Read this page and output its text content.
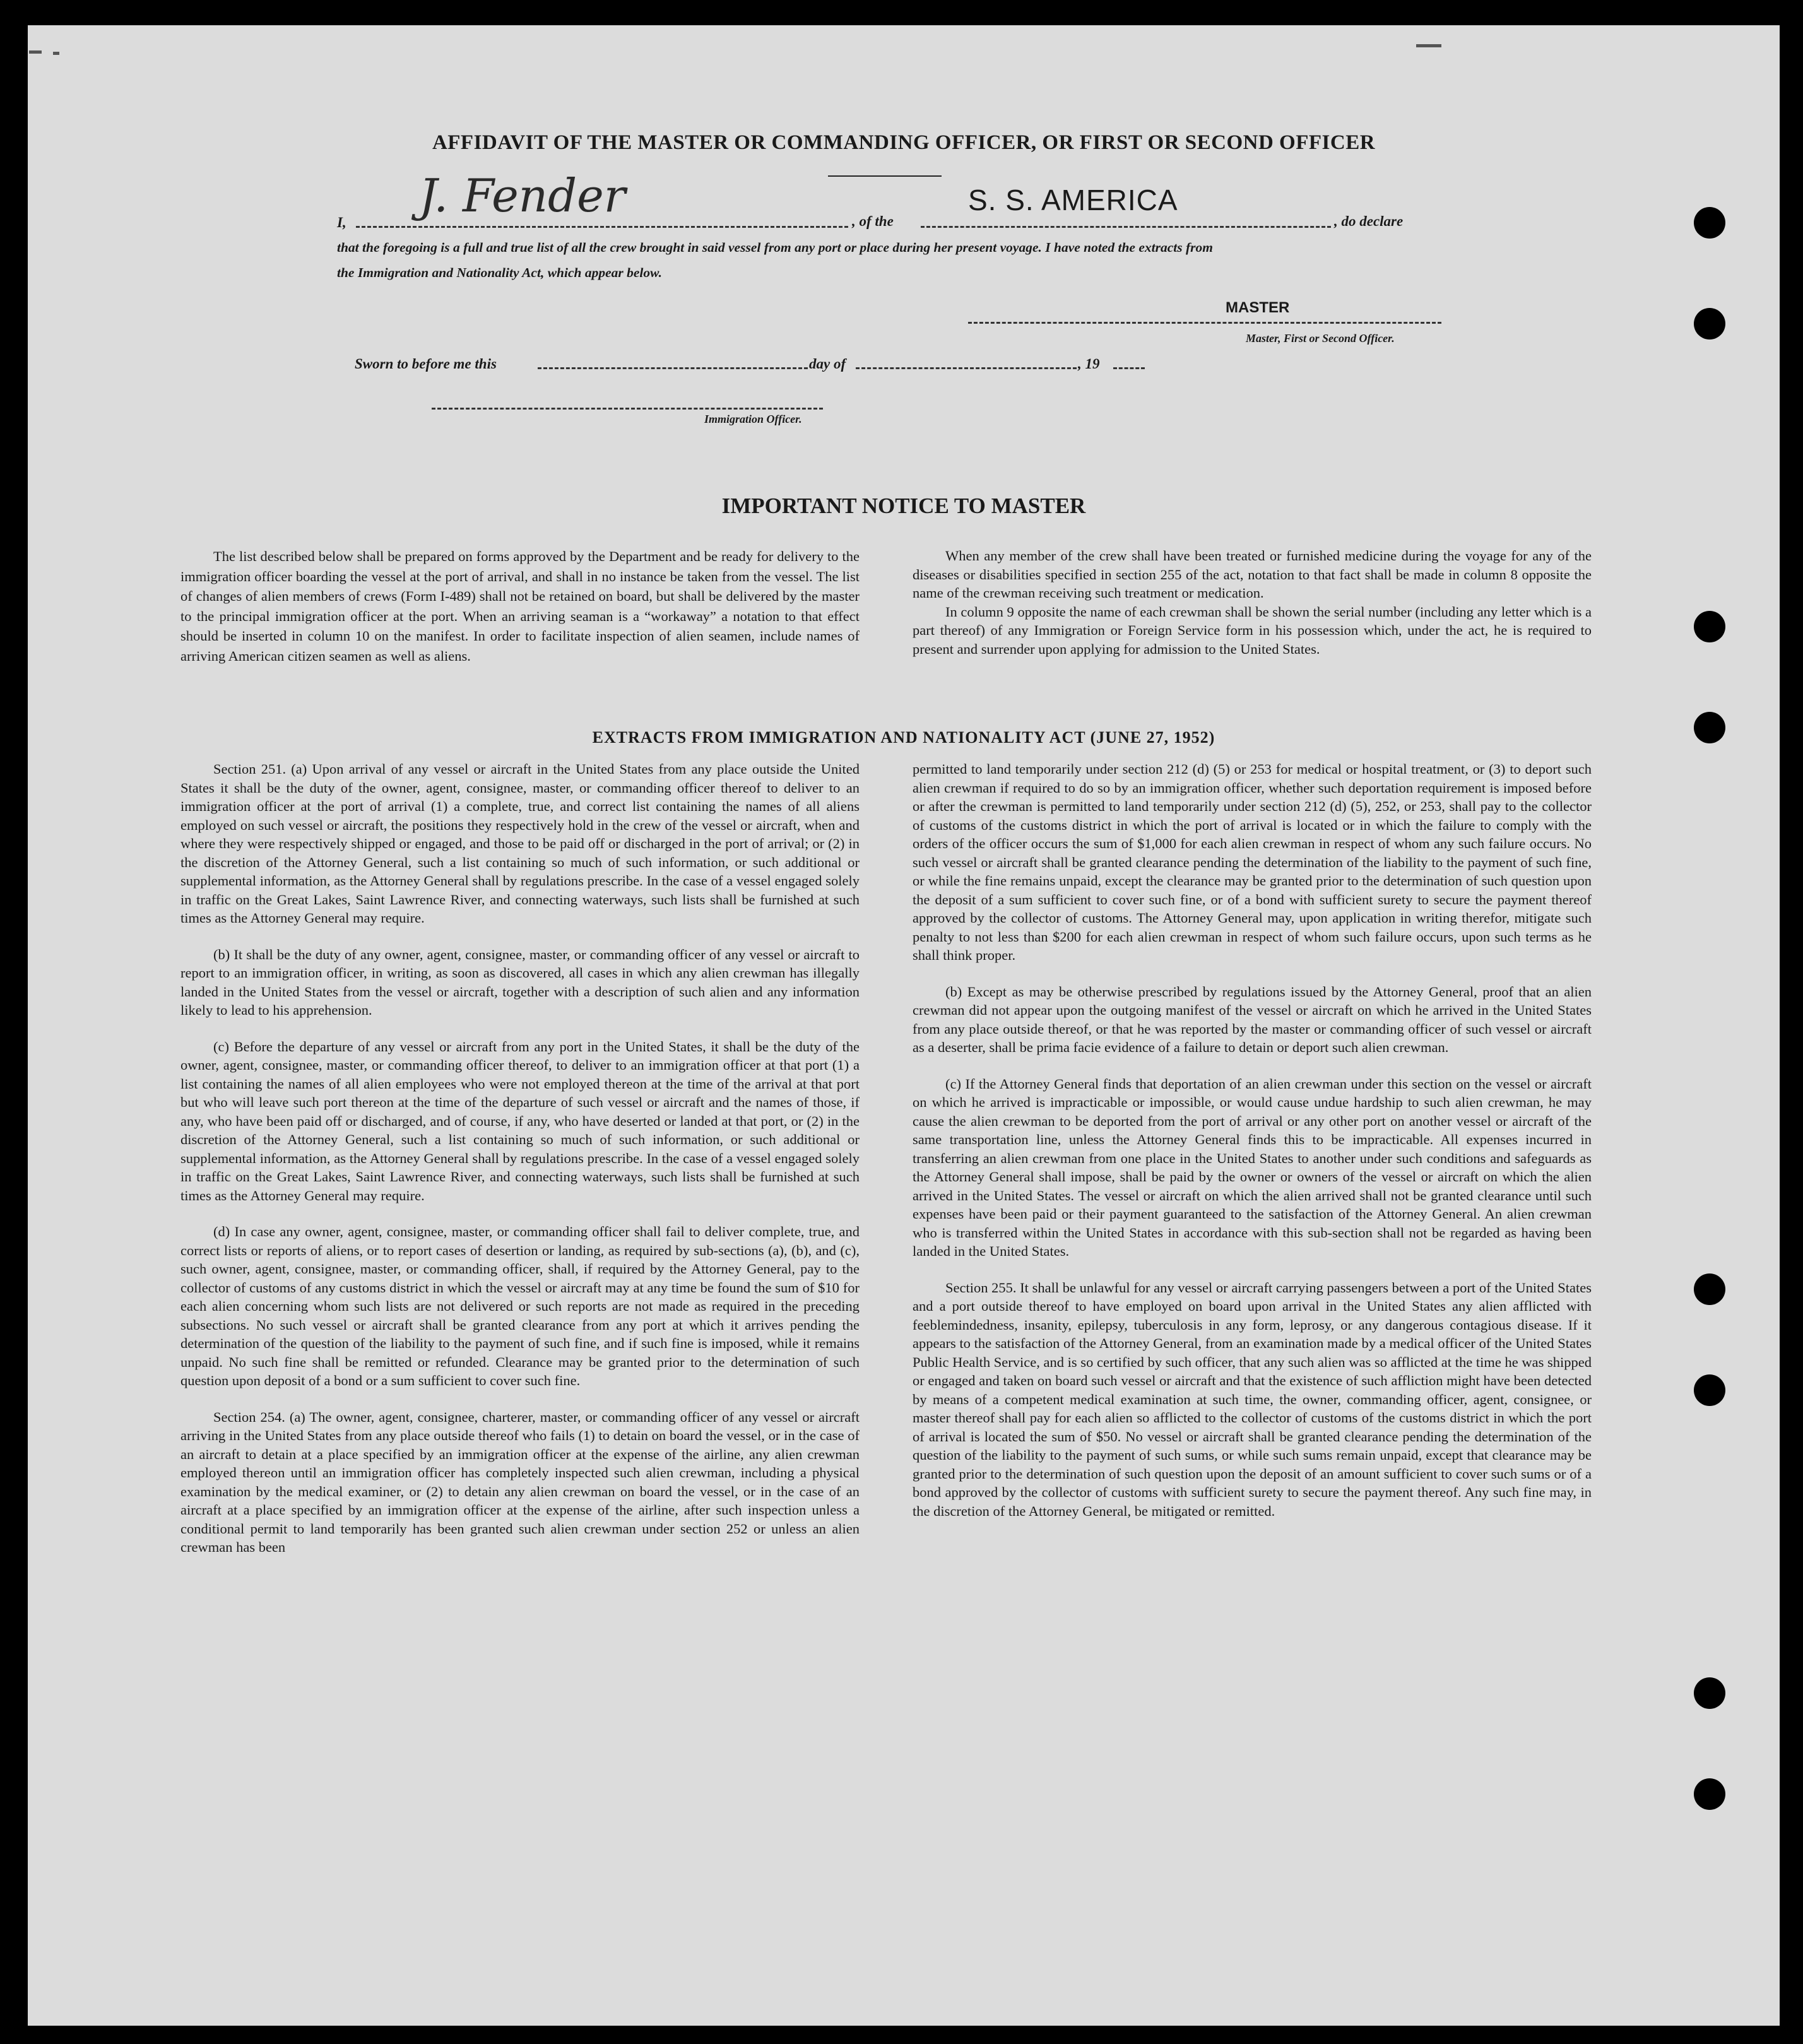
AFFIDAVIT OF THE MASTER OR COMMANDING OFFICER, OR FIRST OR SECOND OFFICER
I,
J. Fender	, of the
S. S. AMERICA
, do declare
that the foregoing is a full and true list of all the crew brought in said vessel from any port or place during her present voyage. I have noted the extracts from
the Immigration and Nationality Act, which appear below.
MASTER
Master, First or Second Officer.
Sworn to before me this	day of	, 19
Immigration Officer.
IMPORTANT NOTICE TO MASTER

The list described below shall be prepared on forms approved by the Department and be ready for delivery to the immigration officer boarding the vessel at the port of arrival, and shall in no instance be taken from the vessel. The list of changes of alien members of crews (Form I-489) shall not be retained on board, but shall be delivered by the master to the principal immigration officer at the port. When an arriving seaman is a “workaway” a notation to that effect should be inserted in column 10 on the manifest. In order to facilitate inspection of alien seamen, include names of arriving American citizen seamen as well as aliens.

When any member of the crew shall have been treated or furnished medicine during the voyage for any of the diseases or disabilities specified in section 255 of the act, notation to that fact shall be made in column 8 opposite the name of the crewman receiving such treatment or medication.

In column 9 opposite the name of each crewman shall be shown the serial number (including any letter which is a part thereof) of any Immigration or Foreign Service form in his possession which, under the act, he is required to present and surrender upon applying for admission to the United States.

EXTRACTS FROM IMMIGRATION AND NATIONALITY ACT (JUNE 27, 1952)

Section 251. (a) Upon arrival of any vessel or aircraft in the United States from any place outside the United States it shall be the duty of the owner, agent, consignee, master, or commanding officer thereof to deliver to an immigration officer at the port of arrival (1) a complete, true, and correct list containing the names of all aliens employed on such vessel or aircraft, the positions they respectively hold in the crew of the vessel or aircraft, when and where they were respectively shipped or engaged, and those to be paid off or discharged in the port of arrival; or (2) in the discretion of the Attorney General, such a list containing so much of such information, or such additional or supplemental information, as the Attorney General shall by regulations prescribe. In the case of a vessel engaged solely in traffic on the Great Lakes, Saint Lawrence River, and connecting waterways, such lists shall be furnished at such times as the Attorney General may require.

(b) It shall be the duty of any owner, agent, consignee, master, or commanding officer of any vessel or aircraft to report to an immigration officer, in writing, as soon as discovered, all cases in which any alien crewman has illegally landed in the United States from the vessel or aircraft, together with a description of such alien and any information likely to lead to his apprehension.

(c) Before the departure of any vessel or aircraft from any port in the United States, it shall be the duty of the owner, agent, consignee, master, or commanding officer thereof, to deliver to an immigration officer at that port (1) a list containing the names of all alien employees who were not employed thereon at the time of the arrival at that port but who will leave such port thereon at the time of the departure of such vessel or aircraft and the names of those, if any, who have been paid off or discharged, and of course, if any, who have deserted or landed at that port, or (2) in the discretion of the Attorney General, such a list containing so much of such information, or such additional or supplemental information, as the Attorney General shall by regulations prescribe. In the case of a vessel engaged solely in traffic on the Great Lakes, Saint Lawrence River, and connecting waterways, such lists shall be furnished at such times as the Attorney General may require.

(d) In case any owner, agent, consignee, master, or commanding officer shall fail to deliver complete, true, and correct lists or reports of aliens, or to report cases of desertion or landing, as required by sub-sections (a), (b), and (c), such owner, agent, consignee, master, or commanding officer, shall, if required by the Attorney General, pay to the collector of customs of any customs district in which the vessel or aircraft may at any time be found the sum of $10 for each alien concerning whom such lists are not delivered or such reports are not made as required in the preceding subsections. No such vessel or aircraft shall be granted clearance from any port at which it arrives pending the determination of the question of the liability to the payment of such fine, and if such fine is imposed, while it remains unpaid. No such fine shall be remitted or refunded. Clearance may be granted prior to the determination of such question upon deposit of a bond or a sum sufficient to cover such fine.

Section 254. (a) The owner, agent, consignee, charterer, master, or commanding officer of any vessel or aircraft arriving in the United States from any place outside thereof who fails (1) to detain on board the vessel, or in the case of an aircraft to detain at a place specified by an immigration officer at the expense of the airline, any alien crewman employed thereon until an immigration officer has completely inspected such alien crewman, including a physical examination by the medical examiner, or (2) to detain any alien crewman on board the vessel, or in the case of an aircraft at a place specified by an immigration officer at the expense of the airline, after such inspection unless a conditional permit to land temporarily has been granted such alien crewman under section 252 or unless an alien crewman has been

permitted to land temporarily under section 212 (d) (5) or 253 for medical or hospital treatment, or (3) to deport such alien crewman if required to do so by an immigration officer, whether such deportation requirement is imposed before or after the crewman is permitted to land temporarily under section 212 (d) (5), 252, or 253, shall pay to the collector of customs of the customs district in which the port of arrival is located or in which the failure to comply with the orders of the officer occurs the sum of $1,000 for each alien crewman in respect of whom any such failure occurs. No such vessel or aircraft shall be granted clearance pending the determination of the liability to the payment of such fine, or while the fine remains unpaid, except the clearance may be granted prior to the determination of such question upon the deposit of a sum sufficient to cover such fine, or of a bond with sufficient surety to secure the payment thereof approved by the collector of customs. The Attorney General may, upon application in writing therefor, mitigate such penalty to not less than $200 for each alien crewman in respect of whom such failure occurs, upon such terms as he shall think proper.

(b) Except as may be otherwise prescribed by regulations issued by the Attorney General, proof that an alien crewman did not appear upon the outgoing manifest of the vessel or aircraft on which he arrived in the United States from any place outside thereof, or that he was reported by the master or commanding officer of such vessel or aircraft as a deserter, shall be prima facie evidence of a failure to detain or deport such alien crewman.

(c) If the Attorney General finds that deportation of an alien crewman under this section on the vessel or aircraft on which he arrived is impracticable or impossible, or would cause undue hardship to such alien crewman, he may cause the alien crewman to be deported from the port of arrival or any other port on another vessel or aircraft of the same transportation line, unless the Attorney General finds this to be impracticable. All expenses incurred in transferring an alien crewman from one place in the United States to another under such conditions and safeguards as the Attorney General shall impose, shall be paid by the owner or owners of the vessel or aircraft on which the alien arrived in the United States. The vessel or aircraft on which the alien arrived shall not be granted clearance until such expenses have been paid or their payment guaranteed to the satisfaction of the Attorney General. An alien crewman who is transferred within the United States in accordance with this sub-section shall not be regarded as having been landed in the United States.

Section 255. It shall be unlawful for any vessel or aircraft carrying passengers between a port of the United States and a port outside thereof to have employed on board upon arrival in the United States any alien afflicted with feeblemindedness, insanity, epilepsy, tuberculosis in any form, leprosy, or any dangerous contagious disease. If it appears to the satisfaction of the Attorney General, from an examination made by a medical officer of the United States Public Health Service, and is so certified by such officer, that any such alien was so afflicted at the time he was shipped or engaged and taken on board such vessel or aircraft and that the existence of such affliction might have been detected by means of a competent medical examination at such time, the owner, commanding officer, agent, consignee, or master thereof shall pay for each alien so afflicted to the collector of customs of the customs district in which the port of arrival is located the sum of $50. No vessel or aircraft shall be granted clearance pending the determination of the question of the liability to the payment of such sums, or while such sums remain unpaid, except that clearance may be granted prior to the determination of such question upon the deposit of an amount sufficient to cover such sums or of a bond approved by the collector of customs with sufficient surety to secure the payment thereof. Any such fine may, in the discretion of the Attorney General, be mitigated or remitted.
